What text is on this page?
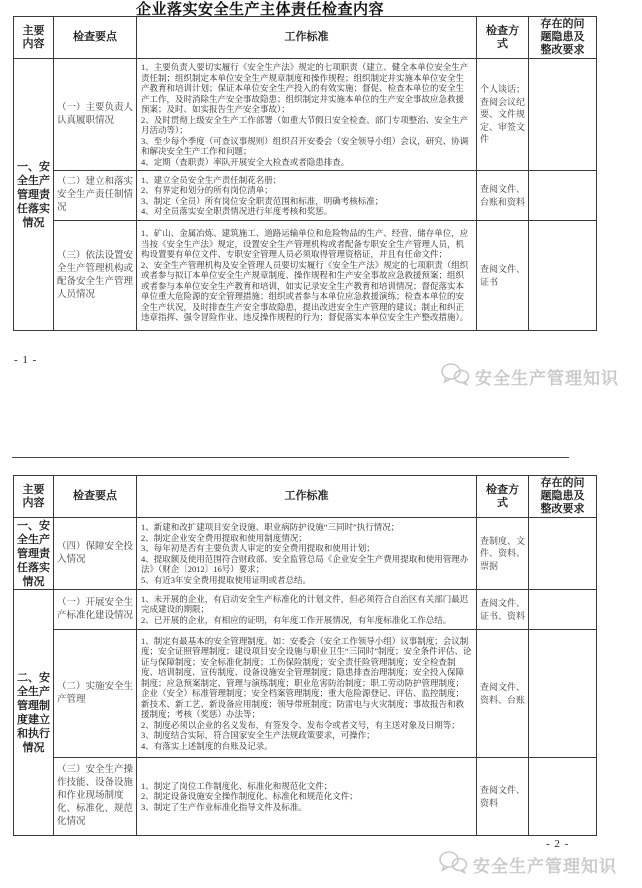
企业落实安全生产主体责任检查内容
主要内容	检查要点	工作标准	检查方式	存在的问题隐患及整改要求
一、安全生产管理责任落实情况	（一）主要负责人认真履职情况	1、主要负责人要切实履行《安全生产法》规定的七项职责（建立、健全本单位安全生产责任制；组织制定本单位安全生产规章制度和操作规程；组织制定并实施本单位安全生产教育和培训计划；保证本单位安全生产投入的有效实施；督促、检查本单位的安全生产工作，及时消除生产安全事故隐患；组织制定并实施本单位的生产安全事故应急救援预案；及时、如实报告生产安全事故）；
2、及时贯彻上级安全生产工作部署（如重大节假日安全检查、部门专项整治、安全生产月活动等）；
3、至少每个季度（可查议事规则）组织召开安委会（安全领导小组）会议，研究、协调和解决安全生产工作和问题；
4、定期（查职责）率队开展安全大检查或者隐患排查。	个人谈话；查阅会议纪要、文件规定、审签文件	
	（二）建立和落实安全生产责任制情况	1、建立全员安全生产责任制花名册；
2、有界定和划分的所有岗位清单；
3、制定（全员）所有岗位安全职责范围和标准，明确考核标准；
4、对全员落实安全职责情况进行年度考核和奖惩。	查阅文件、台账和资料	
	（三）依法设置安全生产管理机构或配备安全生产管理人员情况	1、矿山、金属冶炼、建筑施工、道路运输单位和危险物品的生产、经营、储存单位，应当按《安全生产法》规定，设置安全生产管理机构或者配备专职安全生产管理人员，机构设置要有单位文件、专职安全管理人员必须取得管理资格证，并且有任命文件；
2、安全生产管理机构及安全管理人员要切实履行《安全生产法》规定的七项职责（组织或者参与拟订本单位安全生产规章制度、操作规程和生产安全事故应急救援预案；组织或者参与本单位安全生产教育和培训，如实记录安全生产教育和培训情况；督促落实本单位重大危险源的安全管理措施；组织或者参与本单位应急救援演练；检查本单位的安全生产状况，及时排查生产安全事故隐患，提出改进安全生产管理的建议；制止和纠正违章指挥、强令冒险作业、违反操作规程的行为；督促落实本单位安全生产整改措施）。	查阅文件、证书	
- 1 -
安全生产管理知识
主要内容	检查要点	工作标准	检查方式	存在的问题隐患及整改要求
一、安全生产管理责任落实情况	（四）保障安全投入情况	1、新建和改扩建项目安全设施、职业病防护设施“三同时”执行情况；
2、制定企业安全费用提取和使用制度情况；
3、每年初是否有主要负责人审定的安全费用提取和使用计划；
4、提取额及使用范围符合财政部、安全监管总局《企业安全生产费用提取和使用管理办法》（财企〔2012〕16号）要求；
5、有近3年安全费用提取使用证明或者总结。	查制度、文件、资料、票据	
二、安全生产管理制度建立和执行情况	（一）开展安全生产标准化建设情况	1、未开展的企业，有启动安全生产标准化的计划文件，但必须符合自治区有关部门最迟完成建设的期限；
2、已开展的企业，有相应的证明，有年度工作开展情况，有年度标准化工作总结。	查阅文件、证书、资料	
	（二）实施安全生产管理	1、制定有最基本的安全管理制度。如：安委会（安全工作领导小组）议事制度；会议制度；安全证照管理制度；建设项目安全设施与职业卫生“三同时”制度；安全条件评估、论证与保障制度；安全标准化制度；工伤保险制度；安全责任险管理制度；安全检查制度、培训制度、宣传制度、设备设施安全管理制度；隐患排查治理制度；安全投入保障制度；应急预案制定、管理与演练制度；职业危害防治制度；职工劳动防护管理制度；企业（安全）标准管理制度；安全档案管理制度；重大危险源登记、评估、监控制度；新技术、新工艺、新设备应用制度；领导带班制度；防雷电与火灾制度；事故报告和救援制度；考核（奖惩）办法等；
2、制度必须以企业的名义发布，有签发令、发布令或者文号，有主送对象及日期等；
3、制度结合实际，符合国家安全生产法规政策要求，可操作；
4、有落实上述制度的台账及记录。	查阅文件、资料、台账	
	（三）安全生产操作技能、设备设施和作业现场制度化、标准化、规范化情况	1、制定了岗位工作制度化、标准化和规范化文件；
2、制定设备设施安全操作制度化、标准化和规范化文件；
3、制定了生产作业标准化指导文件及标准。	查阅文件、资料	
- 2 -
安全生产管理知识
